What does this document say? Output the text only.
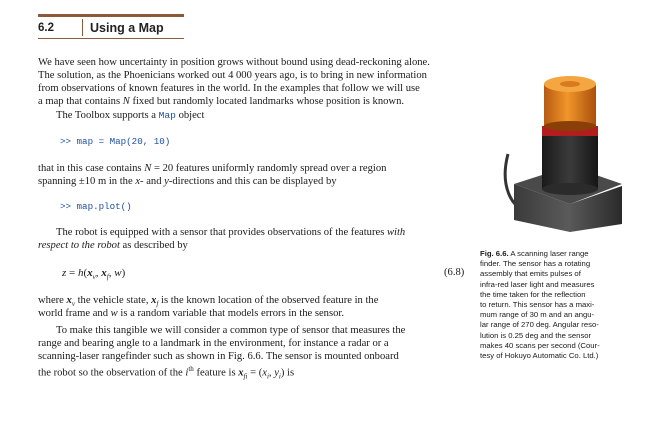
6.2	Using a Map
We have seen how uncertainty in position grows without bound using dead-reckoning alone.
The solution, as the Phoenicians worked out 4 000 years ago, is to bring in new information
from observations of known features in the world. In the examples that follow we will use
a map that contains N fixed but randomly located landmarks whose position is known.
The Toolbox supports a Map object
>> map = Map(20, 10)
that in this case contains N = 20 features uniformly randomly spread over a region
spanning ±10 m in the x- and y-directions and this can be displayed by
>> map.plot()
The robot is equipped with a sensor that provides observations of the features with
respect to the robot as described by
$z = h(x_v$, $x_f$, w)	(6.8)
where $x_v$ the vehicle state, $x_f$ is the known location of the observed feature in the
world frame and w is a random variable that models errors in the sensor.
To make this tangible we will consider a common type of sensor that measures the
range and bearing angle to a landmark in the environment, for instance a radar or a
scanning-laser rangefinder such as shown in Fig. 6.6. The sensor is mounted onboard
the robot so the observation of the $i^{th}$ feature is $x_{fi} = (x_i$, $y_i$) is
Fig. 6.6. A scanning laser range
finder. The sensor has a rotating
assembly that emits pulses of
infra-red laser light and measures
the time taken for the reflection
to return. This sensor has a maxi-
mum range of 30 m and an angu-
lar range of 270 deg. Angular reso-
lution is 0.25 deg and the sensor
makes 40 scans per second (Cour-
tesy of Hokuyo Automatic Co. Ltd.)
